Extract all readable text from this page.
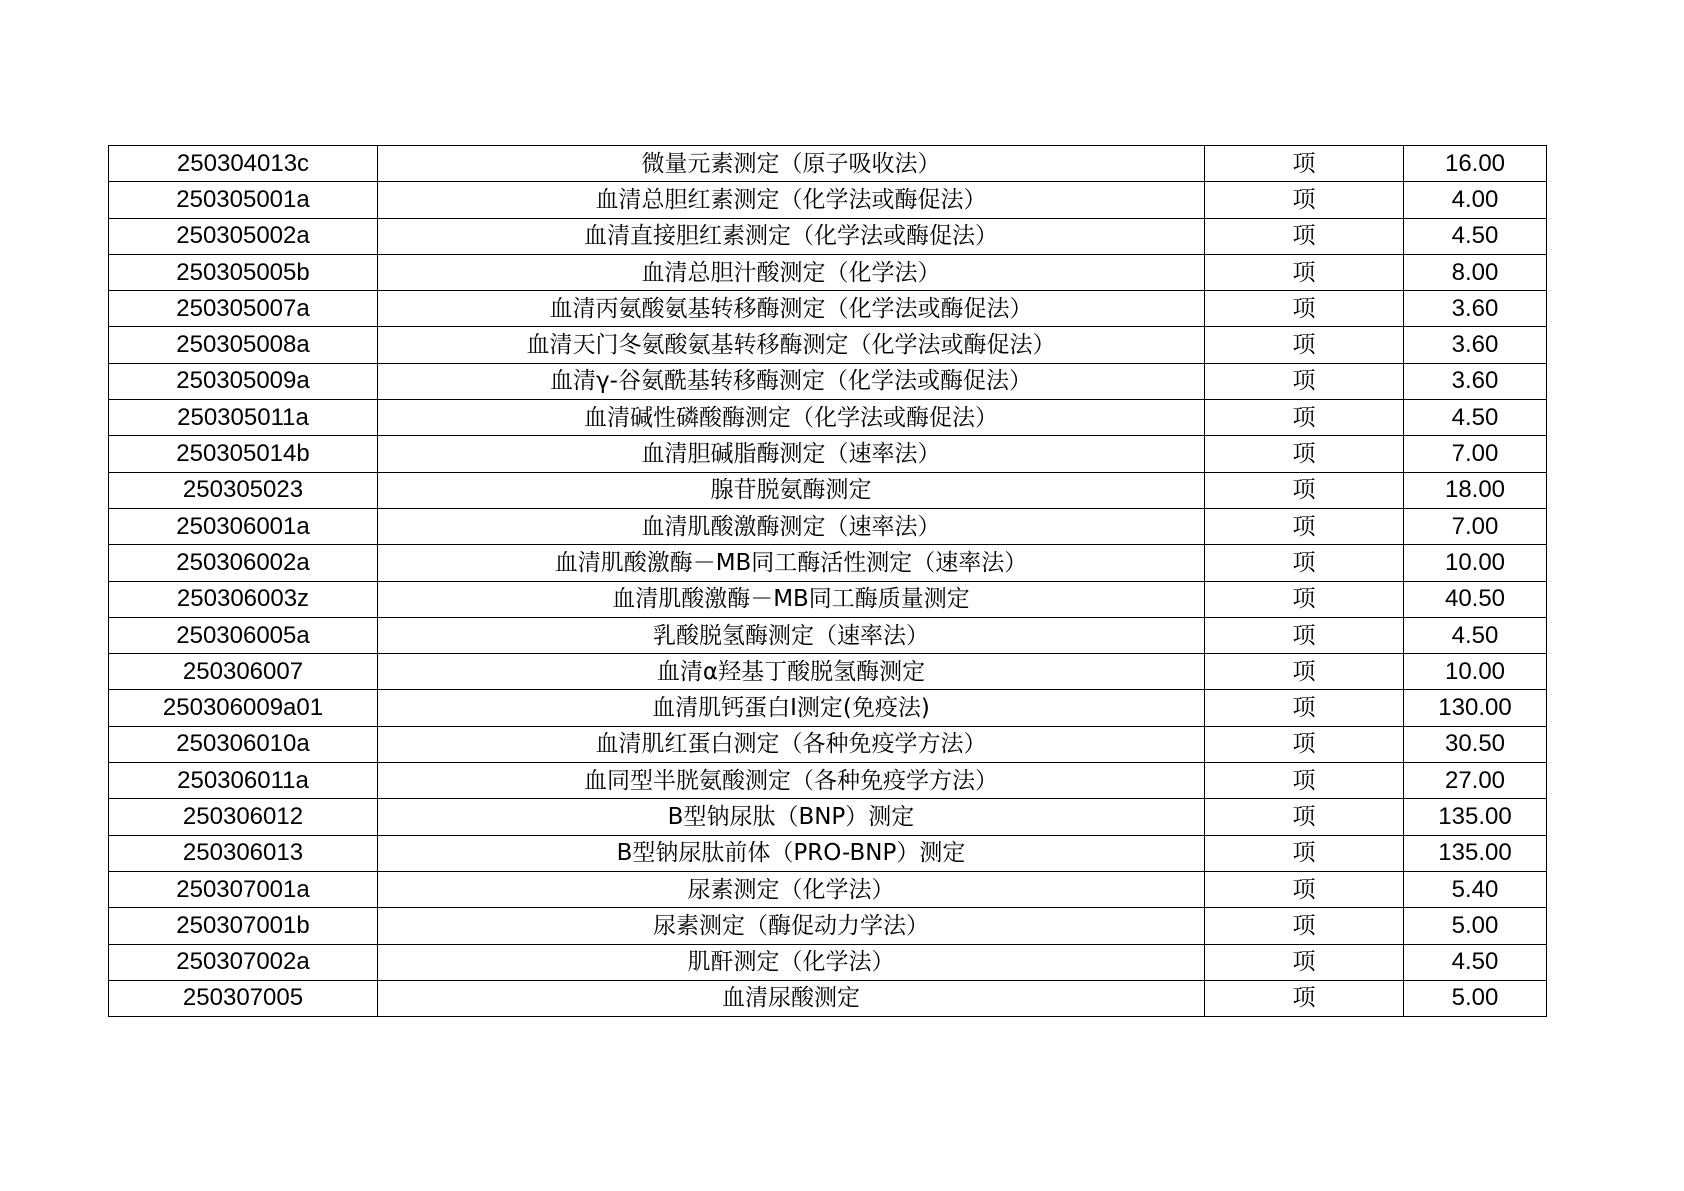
250304013c	微量元素测定（原子吸收法）	项	16.00
250305001a	血清总胆红素测定（化学法或酶促法）	项	4.00
250305002a	血清直接胆红素测定（化学法或酶促法）	项	4.50
250305005b	血清总胆汁酸测定（化学法）	项	8.00
250305007a	血清丙氨酸氨基转移酶测定（化学法或酶促法）	项	3.60
250305008a	血清天门冬氨酸氨基转移酶测定（化学法或酶促法）	项	3.60
250305009a	血清γ-谷氨酰基转移酶测定（化学法或酶促法）	项	3.60
250305011a	血清碱性磷酸酶测定（化学法或酶促法）	项	4.50
250305014b	血清胆碱脂酶测定（速率法）	项	7.00
250305023	腺苷脱氨酶测定	项	18.00
250306001a	血清肌酸激酶测定（速率法）	项	7.00
250306002a	血清肌酸激酶－MB同工酶活性测定（速率法）	项	10.00
250306003z	血清肌酸激酶－MB同工酶质量测定	项	40.50
250306005a	乳酸脱氢酶测定（速率法）	项	4.50
250306007	血清α羟基丁酸脱氢酶测定	项	10.00
250306009a01	血清肌钙蛋白Ⅰ测定(免疫法)	项	130.00
250306010a	血清肌红蛋白测定（各种免疫学方法）	项	30.50
250306011a	血同型半胱氨酸测定（各种免疫学方法）	项	27.00
250306012	B型钠尿肽（BNP）测定	项	135.00
250306013	B型钠尿肽前体（PRO-BNP）测定	项	135.00
250307001a	尿素测定（化学法）	项	5.40
250307001b	尿素测定（酶促动力学法）	项	5.00
250307002a	肌酐测定（化学法）	项	4.50
250307005	血清尿酸测定	项	5.00
